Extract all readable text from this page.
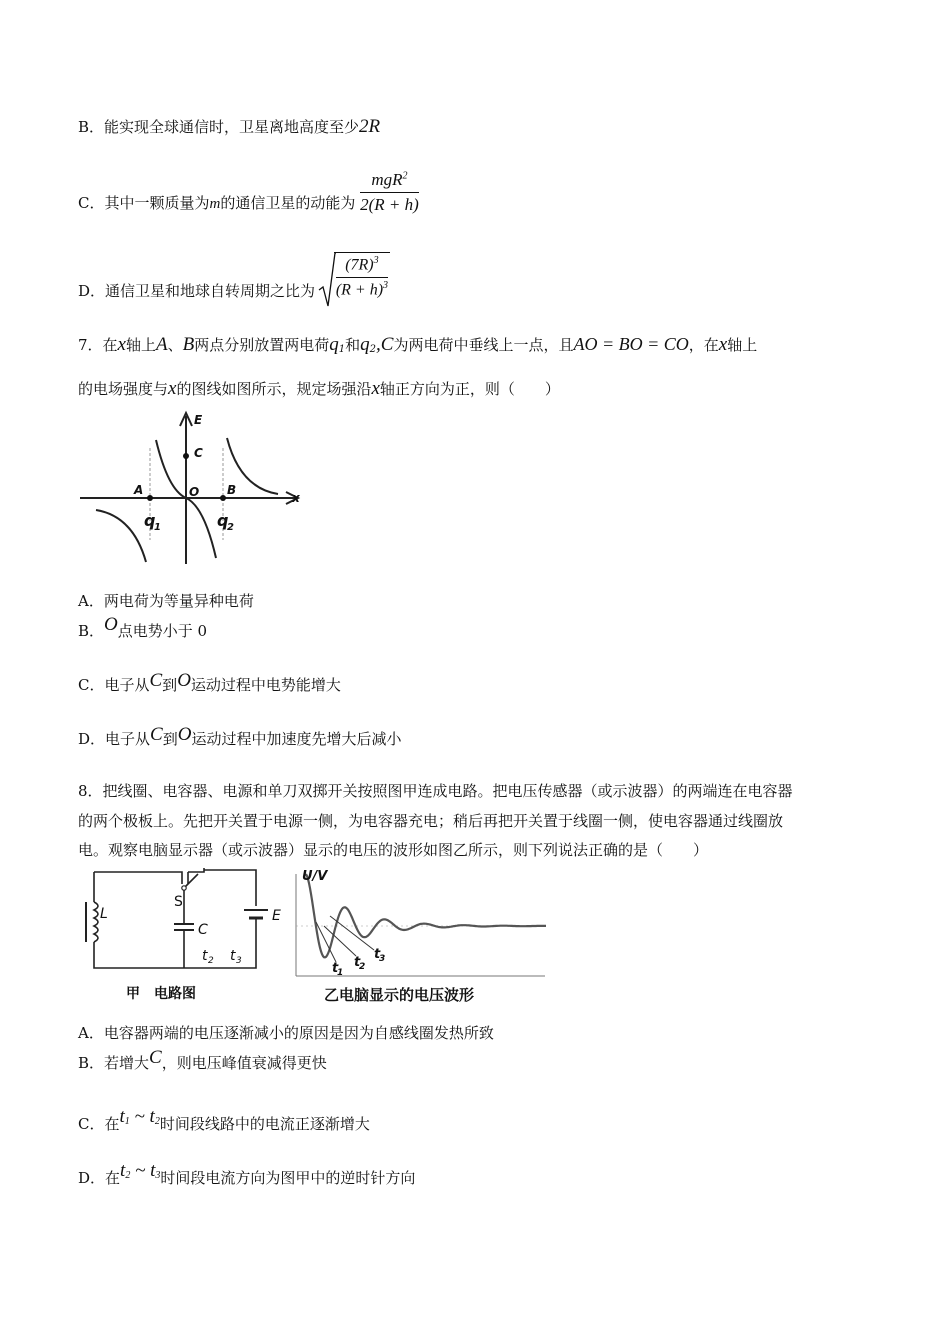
B．能实现全球通信时，卫星离地高度至少2R
C．其中一颗质量为m的通信卫星的动能为 $\frac{mgR^2}{2(R + h)}$
D．通信卫星和地球自转周期之比为 $\frac{(7R)^3}{(R + h)^3}$
7．在x轴上A、B两点分别放置两电荷$q_1$和$q_2,C$为两电荷中垂线上一点，且AO = BO = CO，在x轴上
的电场强度与x的图线如图所示，规定场强沿x轴正方向为正，则（　　）
E
C
A	O B
x
q
1	q
2
A．两电荷为等量异种电荷
B．O点电势小于 0
C．电子从C到O运动过程中电势能增大
D．电子从C到O运动过程中加速度先增大后减小
8．把线圈、电容器、电源和单刀双掷开关按照图甲连成电路。把电压传感器（或示波器）的两端连在电容器
的两个极板上。先把开关置于电源一侧，为电容器充电；稍后再把开关置于线圈一侧，使电容器通过线圈放
电。观察电脑显示器（或示波器）显示的电压的波形如图乙所示，则下列说法正确的是（　　）
L
S
C
E
t 2 t 3
甲　电路图
U/V
t
1
t
2
t
3
乙电脑显示的电压波形
A．电容器两端的电压逐渐减小的原因是因为自感线圈发热所致
B．若增大C，则电压峰值衰减得更快
C．在$t_1$ ~ $t_2$时间段线路中的电流正逐渐增大
D．在$t_2$ ~ $t_3$时间段电流方向为图甲中的逆时针方向
